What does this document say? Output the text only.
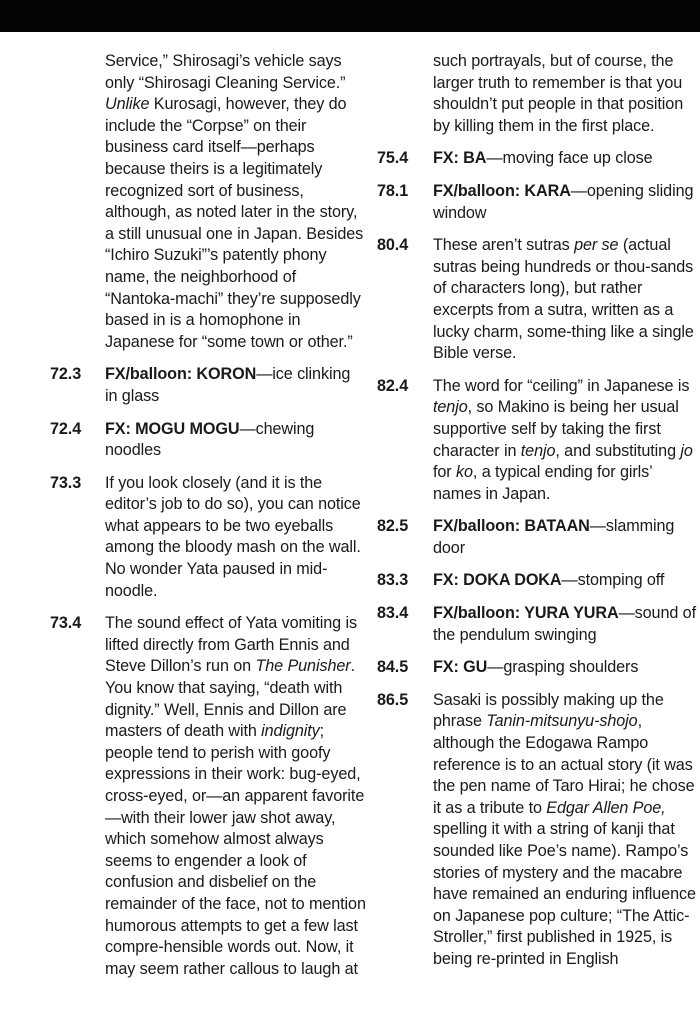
Service,” Shirosagi’s vehicle says only “Shirosagi Cleaning Service.” Unlike Kurosagi, however, they do include the “Corpse” on their business card itself—perhaps because theirs is a legitimately recognized sort of business, although, as noted later in the story, a still unusual one in Japan. Besides “Ichiro Suzuki”’s patently phony name, the neighborhood of “Nantoka-machi” they’re supposedly based in is a homophone in Japanese for “some town or other.”
72.3	FX/balloon: KORON—ice clinking in glass
72.4	FX: MOGU MOGU—chewing noodles
73.3	If you look closely (and it is the editor’s job to do so), you can notice what appears to be two eyeballs among the bloody mash on the wall. No wonder Yata paused in mid-noodle.
73.4	The sound effect of Yata vomiting is lifted directly from Garth Ennis and Steve Dillon’s run on The Punisher. You know that saying, “death with dignity.” Well, Ennis and Dillon are masters of death with indignity; people tend to perish with goofy expressions in their work: bug-eyed, cross-eyed, or—an apparent favorite—with their lower jaw shot away, which somehow almost always seems to engender a look of confusion and disbelief on the remainder of the face, not to mention humorous attempts to get a few last compre-hensible words out. Now, it may seem rather callous to laugh at
such portrayals, but of course, the larger truth to remember is that you shouldn’t put people in that position by killing them in the first place.
75.4	FX: BA—moving face up close
78.1	FX/balloon: KARA—opening sliding window
80.4	These aren’t sutras per se (actual sutras being hundreds or thou-sands of characters long), but rather excerpts from a sutra, written as a lucky charm, some-thing like a single Bible verse.
82.4	The word for “ceiling” in Japanese is tenjo, so Makino is being her usual supportive self by taking the first character in tenjo, and substituting jo for ko, a typical ending for girls’ names in Japan.
82.5	FX/balloon: BATAAN—slamming door
83.3	FX: DOKA DOKA—stomping off
83.4	FX/balloon: YURA YURA—sound of the pendulum swinging
84.5	FX: GU—grasping shoulders
86.5	Sasaki is possibly making up the phrase Tanin-mitsunyu-shojo, although the Edogawa Rampo reference is to an actual story (it was the pen name of Taro Hirai; he chose it as a tribute to Edgar Allen Poe, spelling it with a string of kanji that sounded like Poe’s name). Rampo’s stories of mystery and the macabre have remained an enduring influence on Japanese pop culture; “The Attic-Stroller,” first published in 1925, is being re-printed in English
